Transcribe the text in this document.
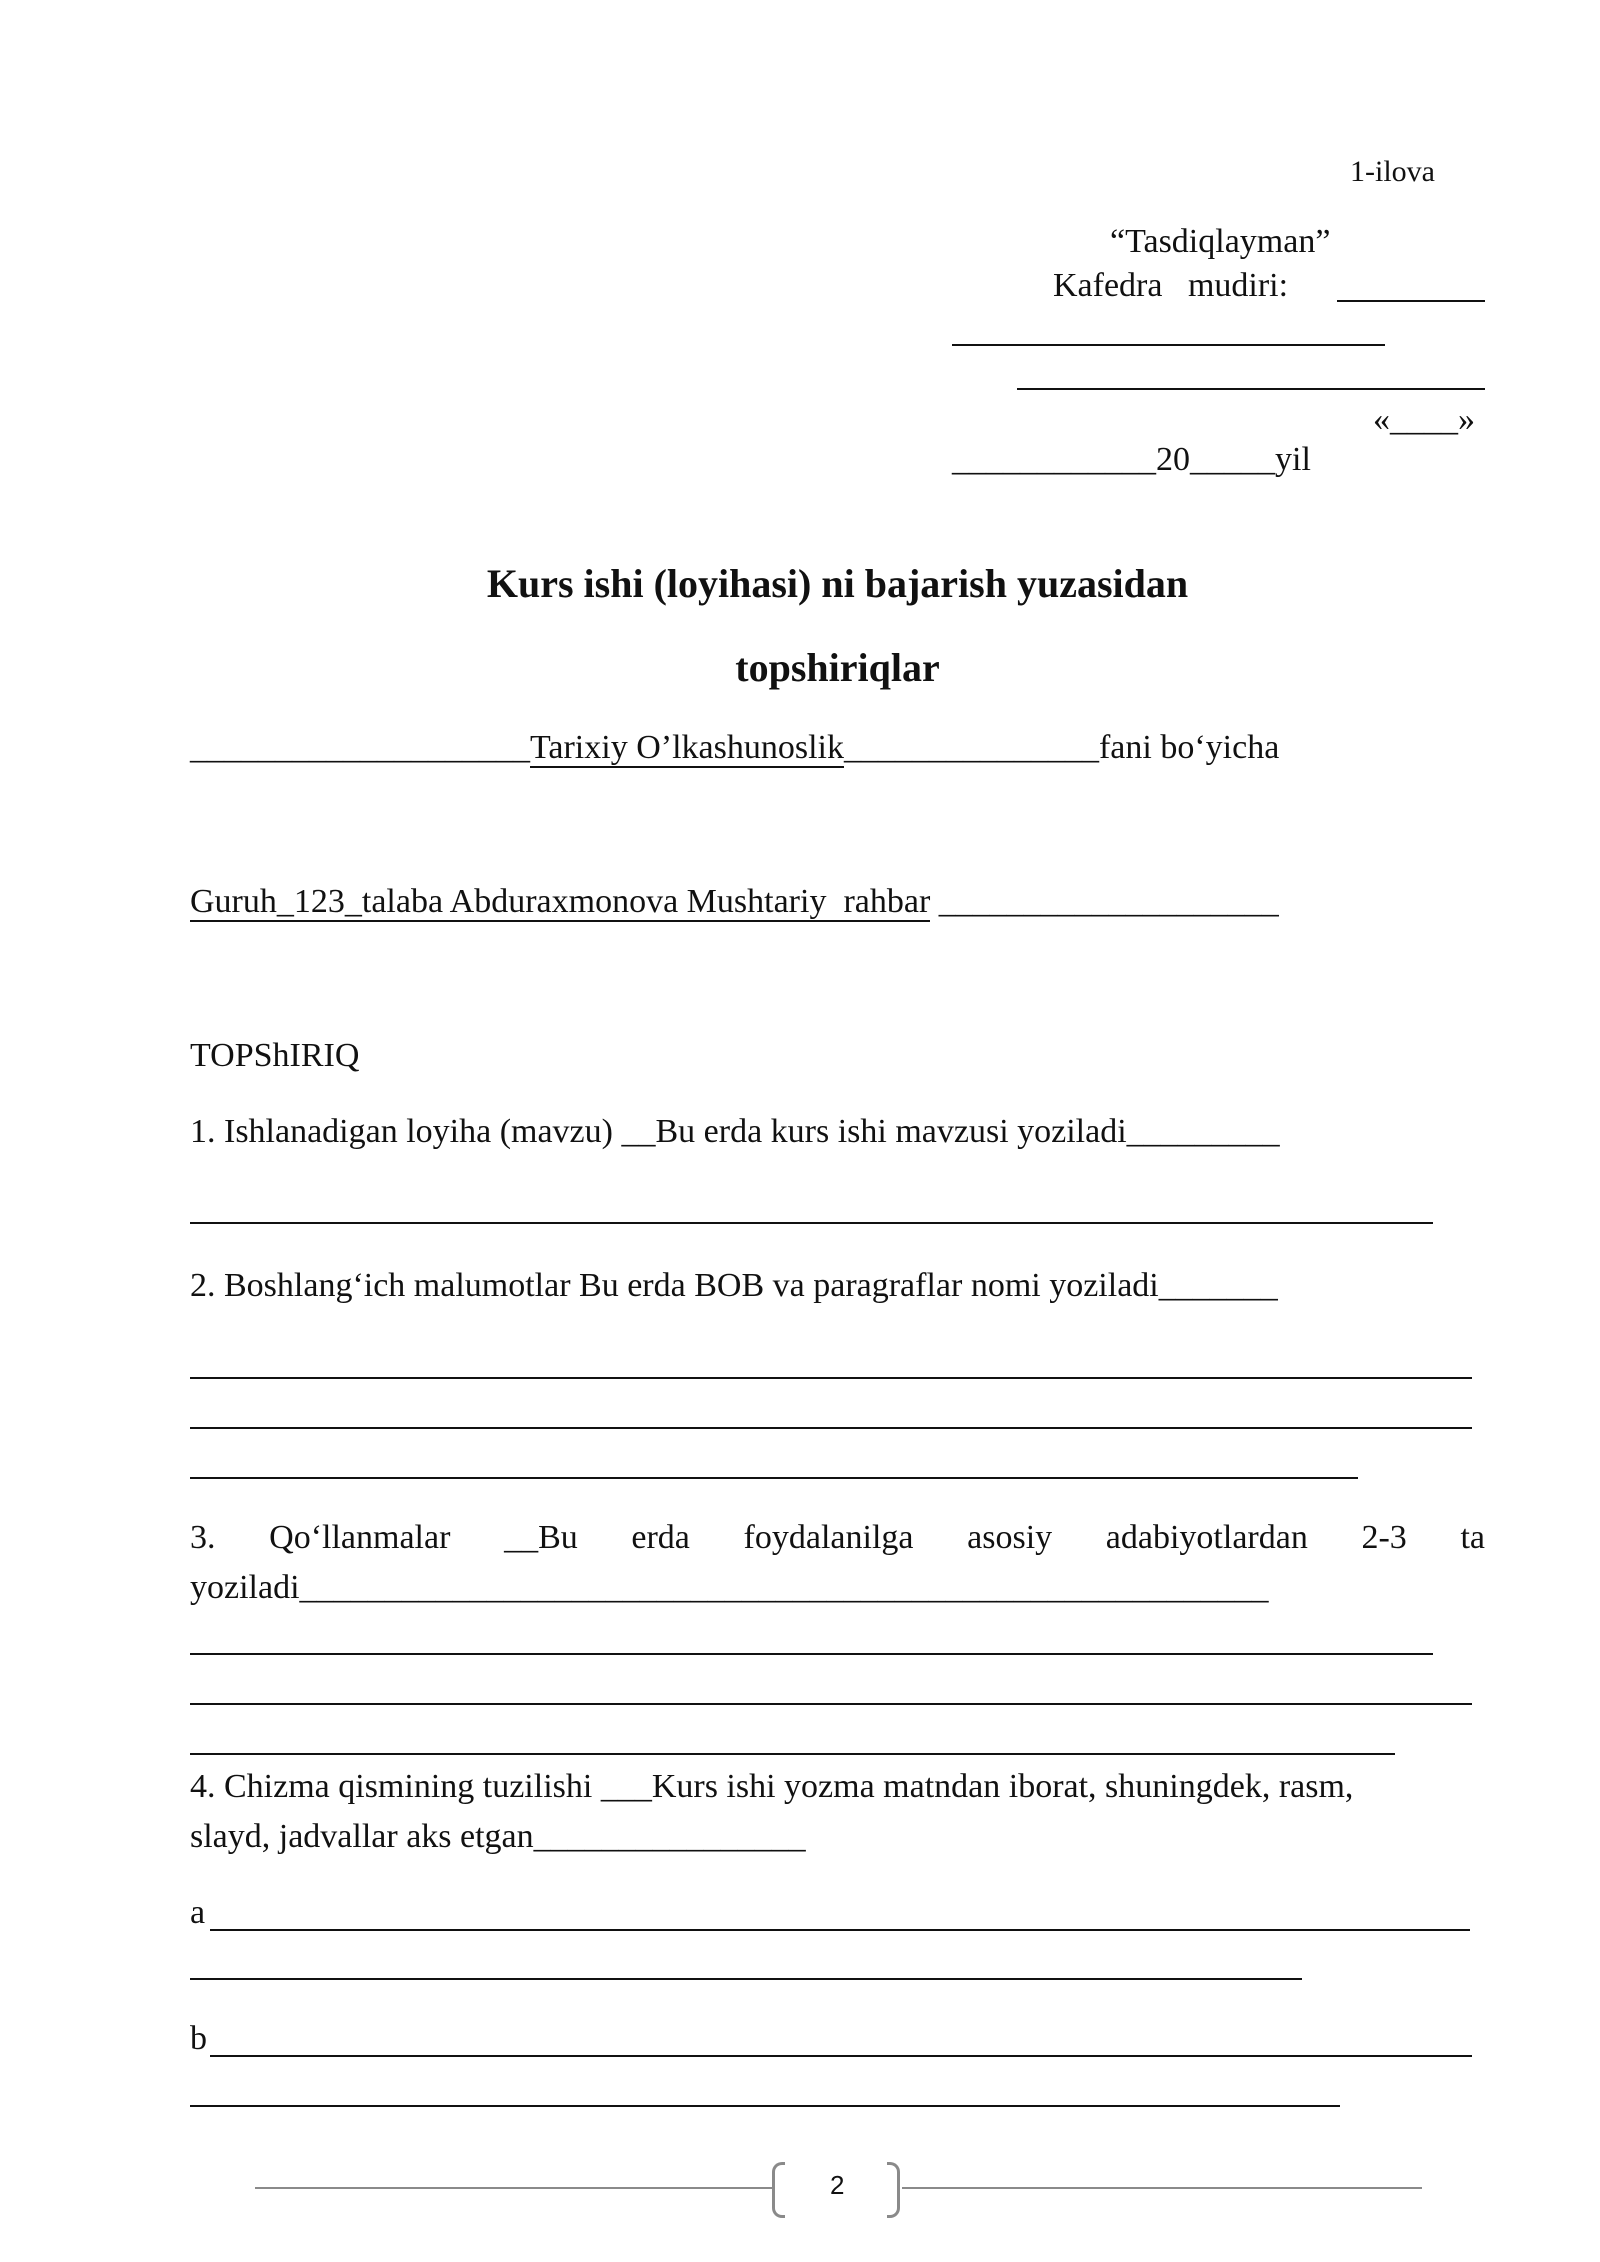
1-ilova
“Tasdiqlayman”
Kafedra   mudiri:
«____»
____________20_____yil
Kurs ishi (loyihasi) ni bajarish yuzasidan
topshiriqlar
____________________Tarixiy O’lkashunoslik_______________fani bo‘yicha
Guruh_123_talaba Abduraxmonova Mushtariy  rahbar ____________________
TOPShIRIQ
1. Ishlanadigan loyiha (mavzu) __Bu erda kurs ishi mavzusi yoziladi_________
2. Boshlang‘ich malumotlar Bu erda BOB va paragraflar nomi yoziladi_______
3.   Qo‘llanmalar   __Bu   erda   foydalanilga   asosiy   adabiyotlardan   2-3   ta
yoziladi_________________________________________________________
4. Chizma qismining tuzilishi ___Kurs ishi yozma matndan iborat, shuningdek, rasm,
slayd, jadvallar aks etgan________________
a
b
2
